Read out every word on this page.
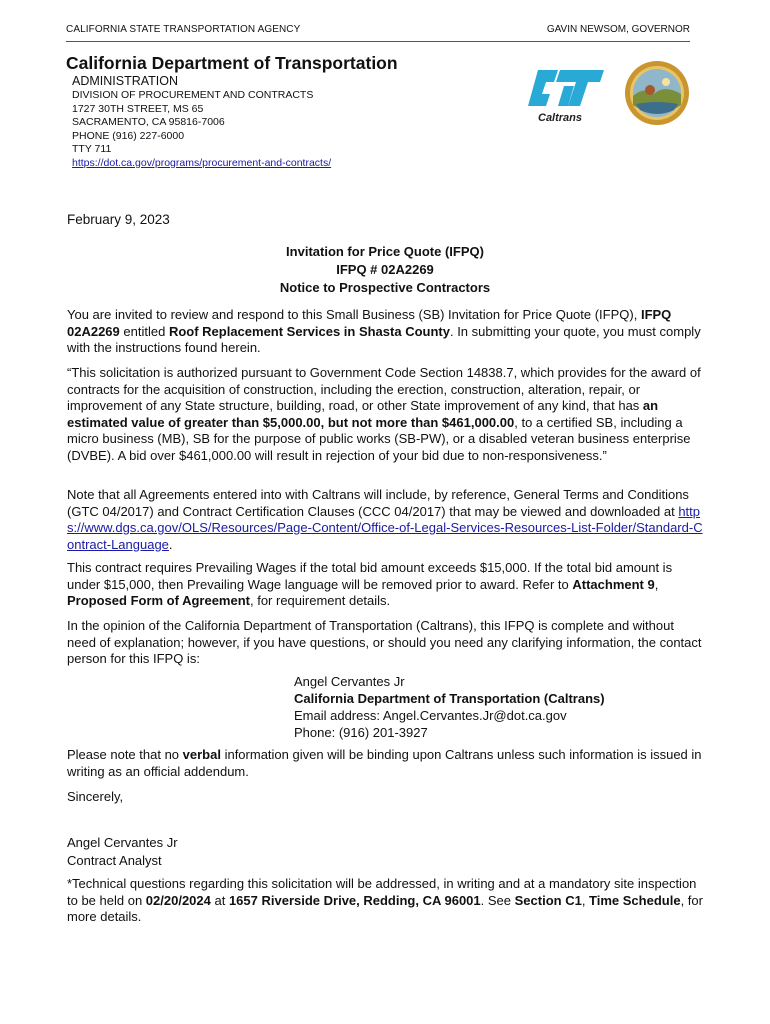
CALIFORNIA STATE TRANSPORTATION AGENCY	GAVIN NEWSOM, GOVERNOR
California Department of Transportation
ADMINISTRATION
DIVISION OF PROCUREMENT AND CONTRACTS
1727 30TH STREET, MS 65
SACRAMENTO, CA 95816-7006
PHONE (916) 227-6000
TTY 711
https://dot.ca.gov/programs/procurement-and-contracts/
Caltrans
February 9, 2023
Invitation for Price Quote (IFPQ)
IFPQ # 02A2269
Notice to Prospective Contractors
You are invited to review and respond to this Small Business (SB) Invitation for Price Quote (IFPQ), IFPQ 02A2269 entitled Roof Replacement Services in Shasta County. In submitting your quote, you must comply with the instructions found herein.
“This solicitation is authorized pursuant to Government Code Section 14838.7, which provides for the award of contracts for the acquisition of construction, including the erection, construction, alteration, repair, or improvement of any State structure, building, road, or other State improvement of any kind, that has an estimated value of greater than $5,000.00, but not more than $461,000.00, to a certified SB, including a micro business (MB), SB for the purpose of public works (SB-PW), or a disabled veteran business enterprise (DVBE). A bid over $461,000.00 will result in rejection of your bid due to non-responsiveness.”
Note that all Agreements entered into with Caltrans will include, by reference, General Terms and Conditions (GTC 04/2017) and Contract Certification Clauses (CCC 04/2017) that may be viewed and downloaded at https://www.dgs.ca.gov/OLS/Resources/Page-Content/Office-of-Legal-Services-Resources-List-Folder/Standard-Contract-Language.
This contract requires Prevailing Wages if the total bid amount exceeds $15,000. If the total bid amount is under $15,000, then Prevailing Wage language will be removed prior to award. Refer to Attachment 9, Proposed Form of Agreement, for requirement details.
In the opinion of the California Department of Transportation (Caltrans), this IFPQ is complete and without need of explanation; however, if you have questions, or should you need any clarifying information, the contact person for this IFPQ is:
Angel Cervantes Jr
California Department of Transportation (Caltrans)
Email address: Angel.Cervantes.Jr@dot.ca.gov
Phone: (916) 201-3927
Please note that no verbal information given will be binding upon Caltrans unless such information is issued in writing as an official addendum.
Sincerely,
Angel Cervantes Jr
Contract Analyst
*Technical questions regarding this solicitation will be addressed, in writing and at a mandatory site inspection to be held on 02/20/2024 at 1657 Riverside Drive, Redding, CA 96001. See Section C1, Time Schedule, for more details.
